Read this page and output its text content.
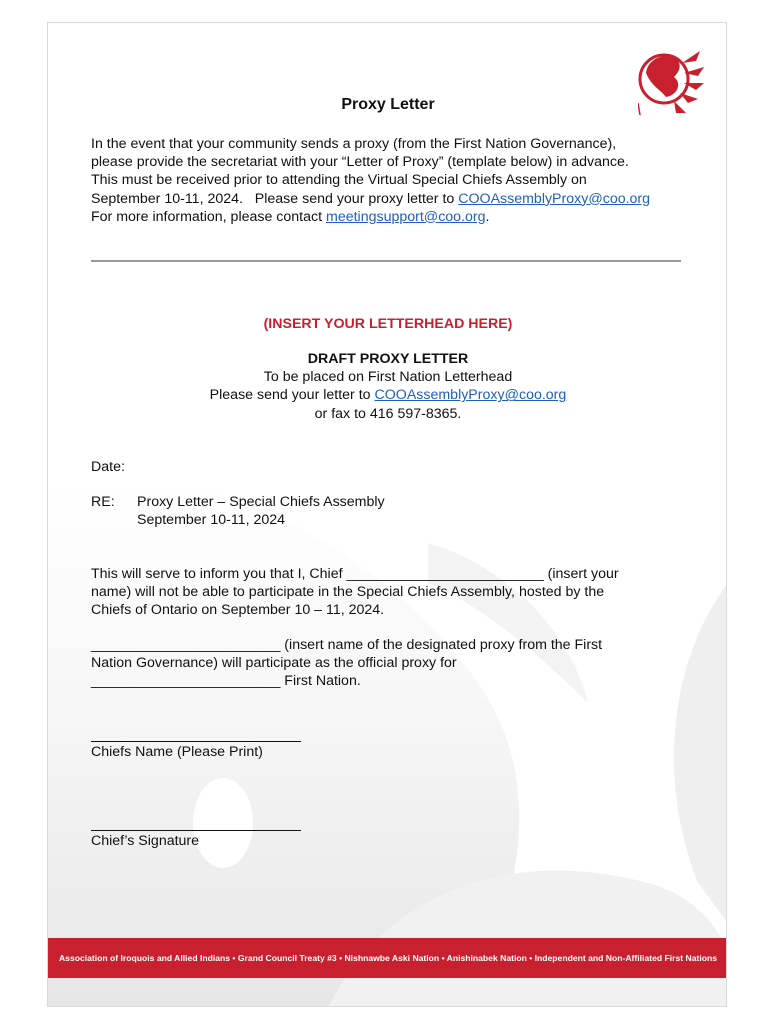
Proxy Letter

In the event that your community sends a proxy (from the First Nation Governance),

please provide the secretariat with your “Letter of Proxy” (template below) in advance.

This must be received prior to attending the Virtual Special Chiefs Assembly on

September 10-11, 2024.   Please send your proxy letter to COOAssemblyProxy@coo.org

For more information, please contact meetingsupport@coo.org.

(INSERT YOUR LETTERHEAD HERE)

DRAFT PROXY LETTER

To be placed on First Nation Letterhead

Please send your letter to COOAssemblyProxy@coo.org

or fax to 416 597-8365.

Date:
RE: Proxy Letter – Special Chiefs Assembly

September 10-11, 2024

This will serve to inform you that I, Chief _________________________ (insert your

name) will not be able to participate in the Special Chiefs Assembly, hosted by the

Chiefs of Ontario on September 10 – 11, 2024.

________________________ (insert name of the designated proxy from the First

Nation Governance) will participate as the official proxy for

________________________ First Nation.

Chiefs Name (Please Print)
Chief’s Signature
Association of Iroquois and Allied Indians • Grand Council Treaty #3 • Nishnawbe Aski Nation • Anishinabek Nation • Independent and Non-Affiliated First Nations
